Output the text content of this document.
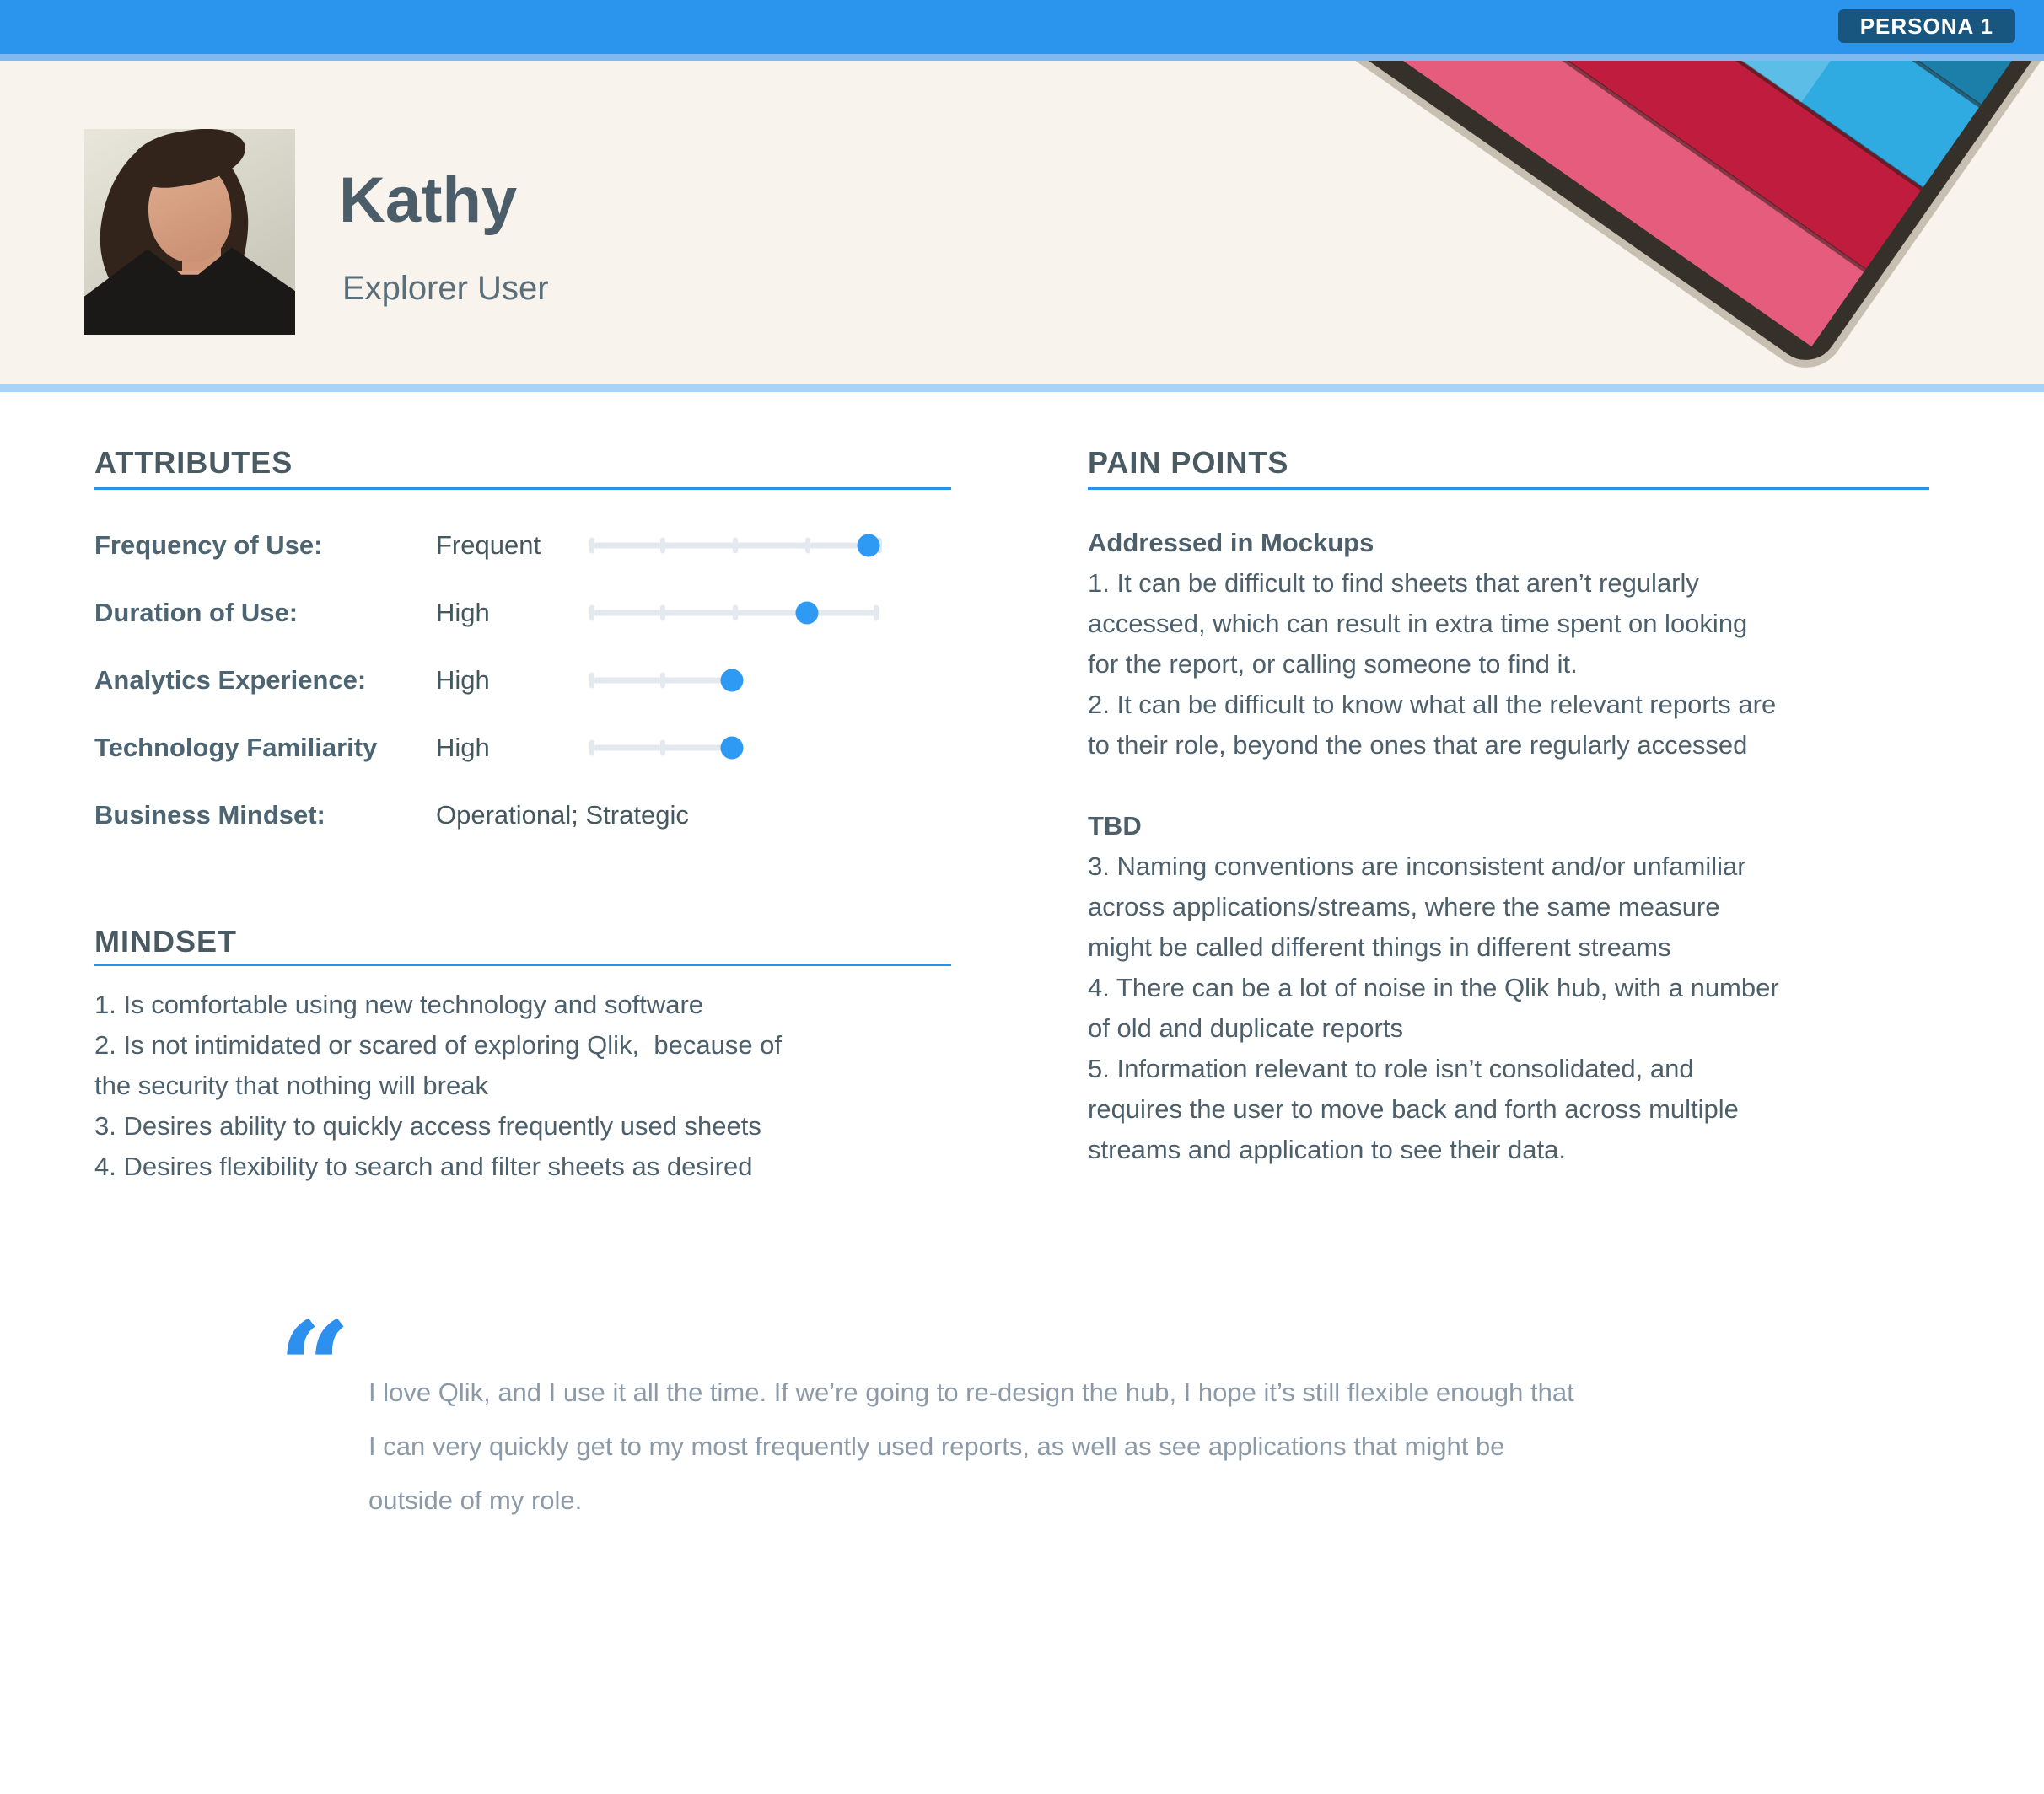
PERSONA 1
Kathy
Explorer User
ATTRIBUTES
Frequency of Use:	Frequent
Duration of Use:	High
Analytics Experience:	High
Technology Familiarity	High
Business Mindset:	Operational; Strategic
MINDSET
1. Is comfortable using new technology and software
2. Is not intimidated or scared of exploring Qlik,  because of
the security that nothing will break
3. Desires ability to quickly access frequently used sheets
4. Desires flexibility to search and filter sheets as desired
PAIN POINTS
Addressed in Mockups
1. It can be difficult to find sheets that aren’t regularly
accessed, which can result in extra time spent on looking
for the report, or calling someone to find it.
2. It can be difficult to know what all the relevant reports are
to their role, beyond the ones that are regularly accessed
TBD
3. Naming conventions are inconsistent and/or unfamiliar
across applications/streams, where the same measure
might be called different things in different streams
4. There can be a lot of noise in the Qlik hub, with a number
of old and duplicate reports
5. Information relevant to role isn’t consolidated, and
requires the user to move back and forth across multiple
streams and application to see their data.
“ I love Qlik, and I use it all the time. If we’re going to re-design the hub, I hope it’s still flexible enough that
I can very quickly get to my most frequently used reports, as well as see applications that might be
outside of my role.
